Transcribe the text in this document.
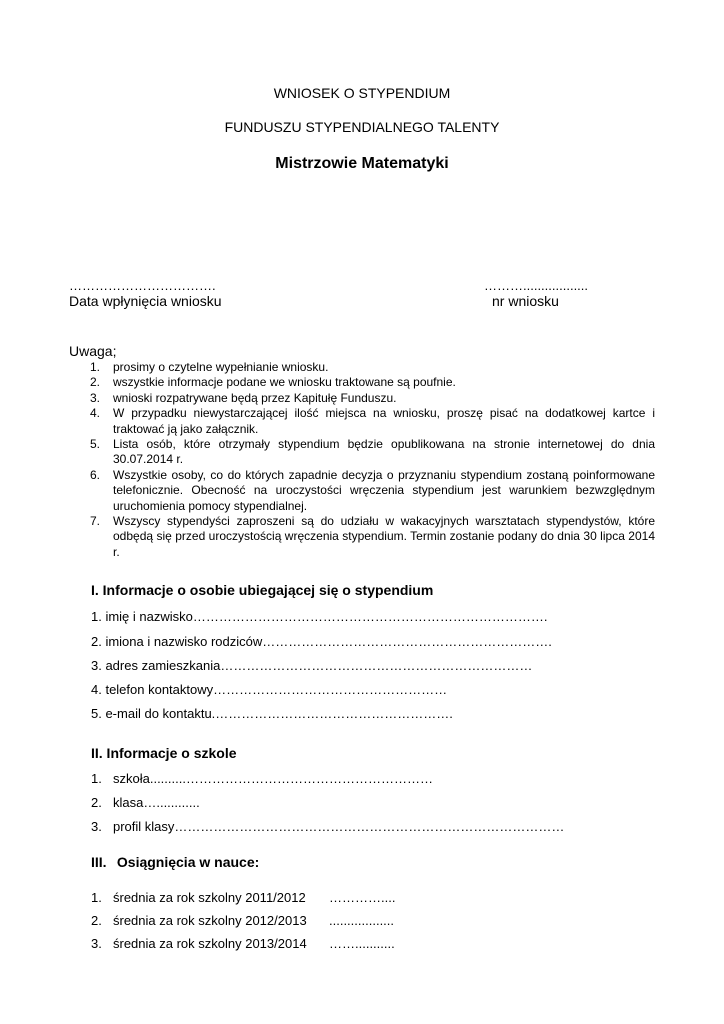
WNIOSEK O STYPENDIUM
FUNDUSZU STYPENDIALNEGO TALENTY
Mistrzowie Matematyki
…………………………….
Data wpłynięcia wniosku
………..................
nr wniosku
Uwaga;
1. prosimy o czytelne wypełnianie wniosku.
2. wszystkie informacje podane we wniosku traktowane są poufnie.
3. wnioski rozpatrywane będą przez Kapitułę Funduszu.
4. W przypadku niewystarczającej ilość miejsca na wniosku, proszę pisać na dodatkowej kartce i traktować ją jako załącznik.
5. Lista osób, które otrzymały stypendium będzie opublikowana na stronie internetowej do dnia 30.07.2014 r.
6. Wszystkie osoby, co do których zapadnie decyzja o przyznaniu stypendium zostaną poinformowane telefonicznie. Obecność na uroczystości wręczenia stypendium jest warunkiem bezwzględnym uruchomienia pomocy stypendialnej.
7. Wszyscy stypendyści zaproszeni są do udziału w wakacyjnych warsztatach stypendystów, które odbędą się przed uroczystością wręczenia stypendium. Termin zostanie podany do dnia 30 lipca 2014 r.
I. Informacje o osobie ubiegającej się o stypendium
1. imię i nazwisko……………………………………………………………………….
2. imiona i nazwisko rodziców………………………………………………………….
3. adres zamieszkania………………………………………………………………
4. telefon kontaktowy………………………………………………
5. e-mail do kontaktu.……………………………………………….
II. Informacje o szkole
1. szkoła..........…………………………………………………
2. klasa…............
3. profil klasy………………………………………………………………………………
III. Osiągnięcia w nauce:
1. średnia za rok szkolny 2011/2012 …………....
2. średnia za rok szkolny 2012/2013 ..................
3. średnia za rok szkolny 2013/2014 ……...........
